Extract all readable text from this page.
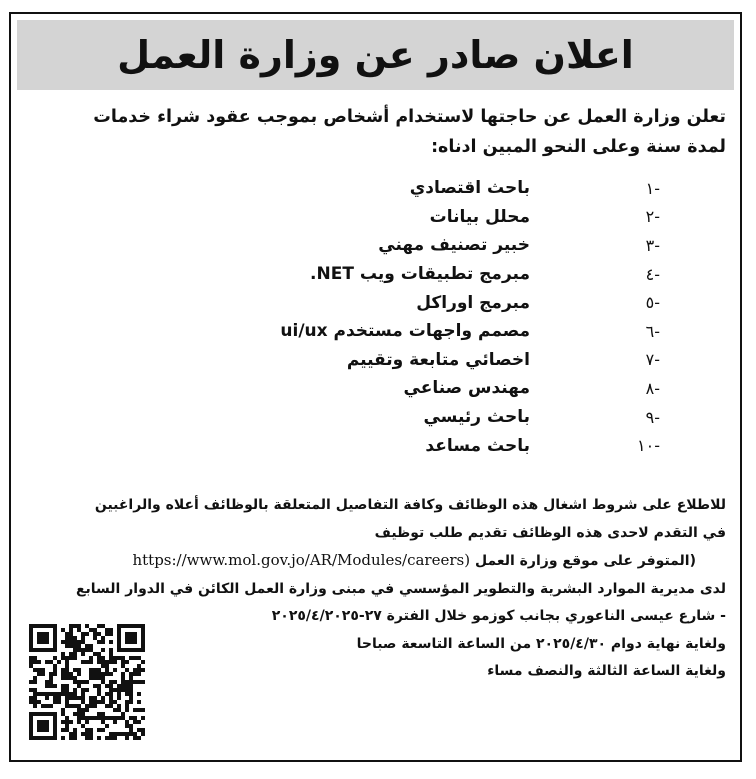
اعلان صادر عن وزارة العمل
تعلن وزارة العمل عن حاجتها لاستخدام أشخاص بموجب عقود شراء خدمات
لمدة سنة وعلى النحو المبين ادناه:
-١
باحث اقتصادي
-٢
محلل بيانات
-٣
خبير تصنيف مهني
-٤
مبرمج تطبيقات ويب NET.
-٥
مبرمج اوراكل
-٦
مصمم واجهات مستخدم ui/ux
-٧
اخصائي متابعة وتقييم
-٨
مهندس صناعي
-٩
باحث رئيسي
-١٠
باحث مساعد

للاطلاع على شروط اشغال هذه الوظائف وكافة التفاصيل المتعلقة بالوظائف أعلاه والراغبين

في التقدم لاحدى هذه الوظائف تقديم طلب توظيف

(المتوفر على موقع وزارة العمل https://www.mol.gov.jo/AR/Modules/careers)

لدى مديرية الموارد البشرية والتطوير المؤسسي في مبنى وزارة العمل الكائن في الدوار السابع

- شارع عيسى الناعوري بجانب كوزمو خلال الفترة ٢٧-٢٠٢٥/٤/٢٠٢٥

ولغاية نهاية دوام ٢٠٢٥/٤/٣٠ من الساعة التاسعة صباحا

ولغاية الساعة الثالثة والنصف مساء
